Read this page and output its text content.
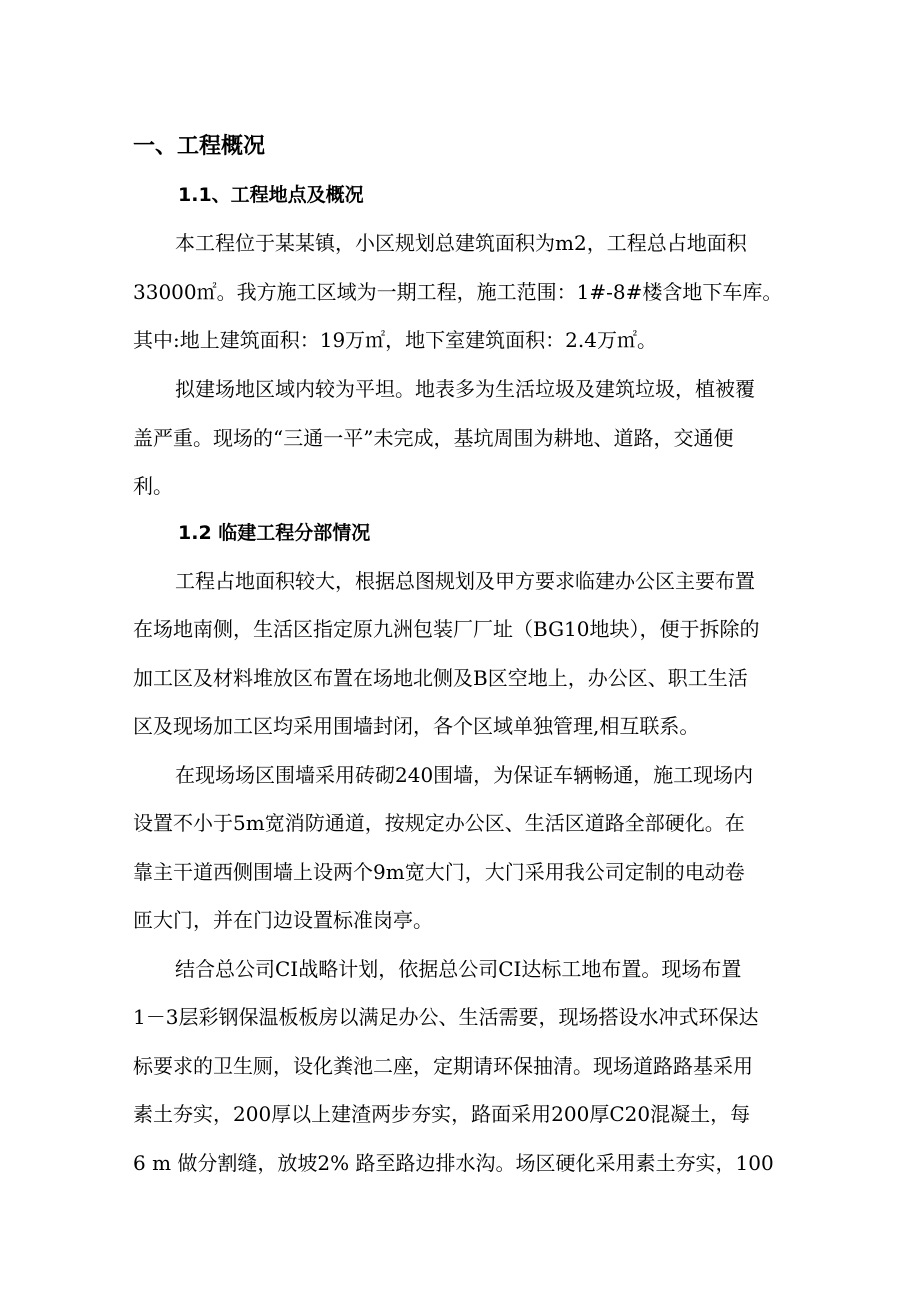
一、工程概况
1.1、工程地点及概况
本工程位于某某镇，小区规划总建筑面积为m2，工程总占地面积
33000㎡。我方施工区域为一期工程，施工范围：1#-8#楼含地下车库。
其中:地上建筑面积：19万㎡，地下室建筑面积：2.4万㎡。
拟建场地区域内较为平坦。地表多为生活垃圾及建筑垃圾，植被覆
盖严重。现场的“三通一平”未完成，基坑周围为耕地、道路，交通便
利。
1.2 临建工程分部情况
工程占地面积较大，根据总图规划及甲方要求临建办公区主要布置
在场地南侧，生活区指定原九洲包装厂厂址（BG10地块），便于拆除的
加工区及材料堆放区布置在场地北侧及B区空地上，办公区、职工生活
区及现场加工区均采用围墙封闭，各个区域单独管理,相互联系。
在现场场区围墙采用砖砌240围墙，为保证车辆畅通，施工现场内
设置不小于5m宽消防通道，按规定办公区、生活区道路全部硬化。在
靠主干道西侧围墙上设两个9m宽大门，大门采用我公司定制的电动卷
匝大门，并在门边设置标准岗亭。
结合总公司CI战略计划，依据总公司CI达标工地布置。现场布置
1－3层彩钢保温板板房以满足办公、生活需要，现场搭设水冲式环保达
标要求的卫生厕，设化粪池二座，定期请环保抽清。现场道路路基采用
素土夯实，200厚以上建渣两步夯实，路面采用200厚C20混凝土，每
6 m 做分割缝，放坡2% 路至路边排水沟。场区硬化采用素土夯实，100
